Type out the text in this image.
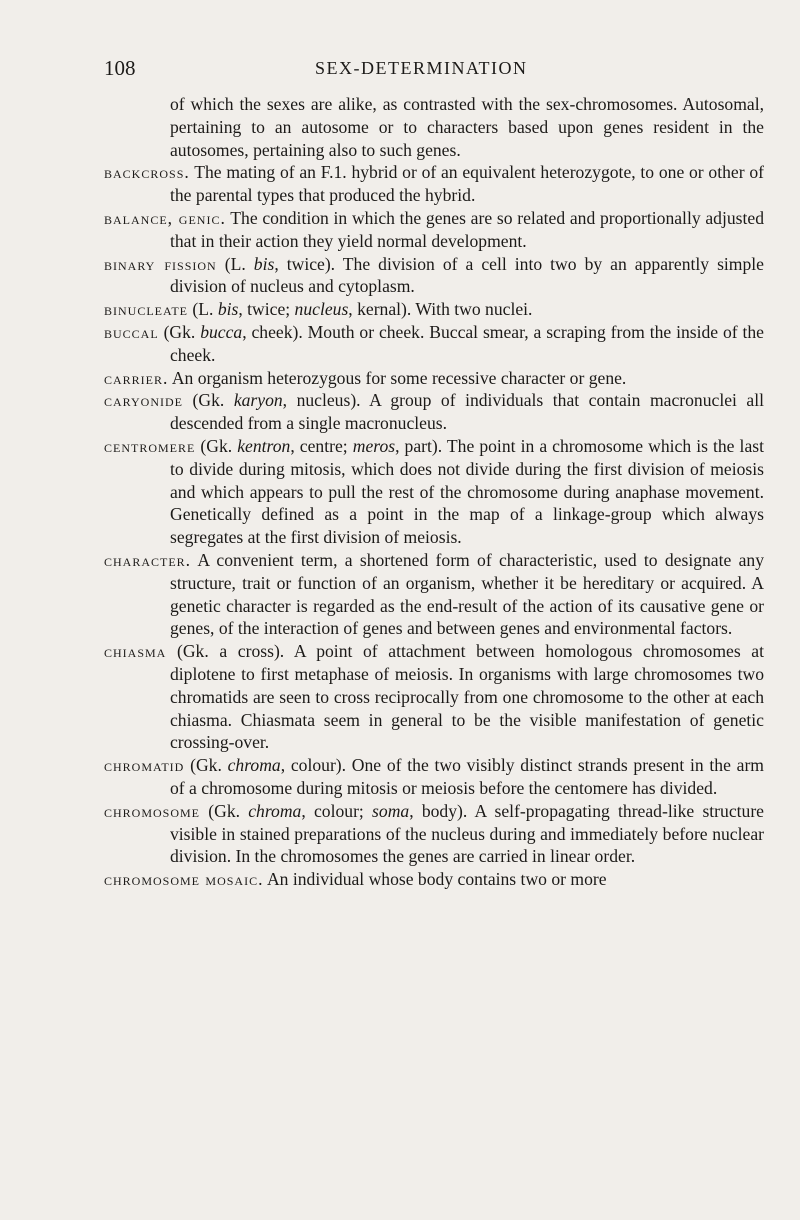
108	SEX-DETERMINATION
of which the sexes are alike, as contrasted with the sex-chromosomes. Autosomal, pertaining to an autosome or to characters based upon genes resident in the autosomes, pertaining also to such genes.
backcross. The mating of an F.1. hybrid or of an equivalent heterozygote, to one or other of the parental types that produced the hybrid.
balance, genic. The condition in which the genes are so related and proportionally adjusted that in their action they yield normal development.
binary fission (L. bis, twice). The division of a cell into two by an apparently simple division of nucleus and cytoplasm.
binucleate (L. bis, twice; nucleus, kernal). With two nuclei.
buccal (Gk. bucca, cheek). Mouth or cheek. Buccal smear, a scraping from the inside of the cheek.
carrier. An organism heterozygous for some recessive character or gene.
caryonide (Gk. karyon, nucleus). A group of individuals that contain macronuclei all descended from a single macronucleus.
centromere (Gk. kentron, centre; meros, part). The point in a chromosome which is the last to divide during mitosis, which does not divide during the first division of meiosis and which appears to pull the rest of the chromosome during anaphase movement. Genetically defined as a point in the map of a linkage-group which always segregates at the first division of meiosis.
character. A convenient term, a shortened form of characteristic, used to designate any structure, trait or function of an organism, whether it be hereditary or acquired. A genetic character is regarded as the end-result of the action of its causative gene or genes, of the interaction of genes and between genes and environmental factors.
chiasma (Gk. a cross). A point of attachment between homologous chromosomes at diplotene to first metaphase of meiosis. In organisms with large chromosomes two chromatids are seen to cross reciprocally from one chromosome to the other at each chiasma. Chiasmata seem in general to be the visible manifestation of genetic crossing-over.
chromatid (Gk. chroma, colour). One of the two visibly distinct strands present in the arm of a chromosome during mitosis or meiosis before the centomere has divided.
chromosome (Gk. chroma, colour; soma, body). A self-propagating thread-like structure visible in stained preparations of the nucleus during and immediately before nuclear division. In the chromosomes the genes are carried in linear order.
chromosome mosaic. An individual whose body contains two or more
